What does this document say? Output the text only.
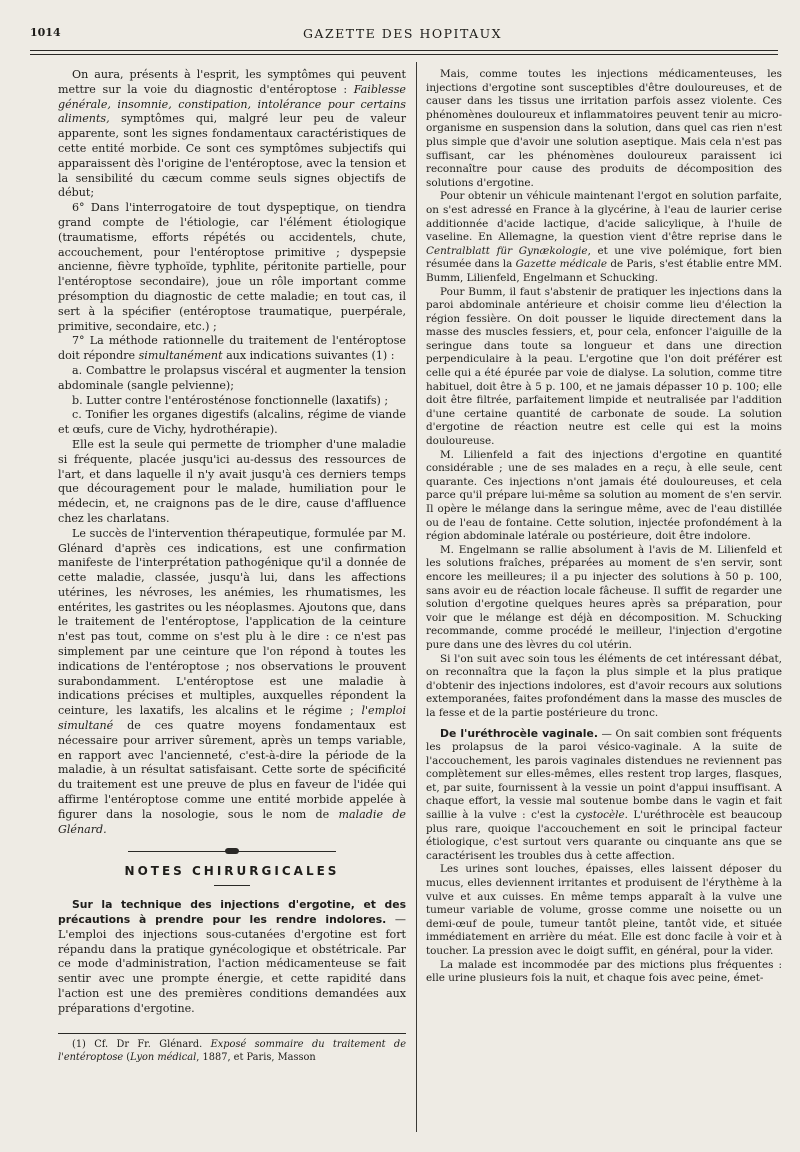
1014	GAZETTE DES HOPITAUX

On aura, présents à l'esprit, les symptômes qui peuvent mettre sur la voie du diagnostic d'entéroptose : Faiblesse générale, insomnie, constipation, intolérance pour certains aliments, symptômes qui, malgré leur peu de valeur apparente, sont les signes fondamentaux caractéristiques de cette entité morbide. Ce sont ces symptômes subjectifs qui apparaissent dès l'origine de l'entéroptose, avec la tension et la sensibilité du cæcum comme seuls signes objectifs de début;

6° Dans l'interrogatoire de tout dyspeptique, on tiendra grand compte de l'étiologie, car l'élément étiologique (traumatisme, efforts répétés ou accidentels, chute, accouchement, pour l'entéroptose primitive ; dyspepsie ancienne, fièvre typhoïde, typhlite, péritonite partielle, pour l'entéroptose secondaire), joue un rôle important comme présomption du diagnostic de cette maladie; en tout cas, il sert à la spécifier (entéroptose traumatique, puerpérale, primitive, secondaire, etc.) ;

7° La méthode rationnelle du traitement de l'entéroptose doit répondre simultanément aux indications suivantes (1) :

a. Combattre le prolapsus viscéral et augmenter la tension abdominale (sangle pelvienne);

b. Lutter contre l'entérosténose fonctionnelle (laxatifs) ;

c. Tonifier les organes digestifs (alcalins, régime de viande et œufs, cure de Vichy, hydrothérapie).

Elle est la seule qui permette de triompher d'une maladie si fréquente, placée jusqu'ici au-dessus des ressources de l'art, et dans laquelle il n'y avait jusqu'à ces derniers temps que découragement pour le malade, humiliation pour le médecin, et, ne craignons pas de le dire, cause d'affluence chez les charlatans.

Le succès de l'intervention thérapeutique, formulée par M. Glénard d'après ces indications, est une confirmation manifeste de l'interprétation pathogénique qu'il a donnée de cette maladie, classée, jusqu'à lui, dans les affections utérines, les névroses, les anémies, les rhumatismes, les entérites, les gastrites ou les néoplasmes. Ajoutons que, dans le traitement de l'entéroptose, l'application de la ceinture n'est pas tout, comme on s'est plu à le dire : ce n'est pas simplement par une ceinture que l'on répond à toutes les indications de l'entéroptose ; nos observations le prouvent surabondamment. L'entéroptose est une maladie à indications précises et multiples, auxquelles répondent la ceinture, les laxatifs, les alcalins et le régime ; l'emploi simultané de ces quatre moyens fondamentaux est nécessaire pour arriver sûrement, après un temps variable, en rapport avec l'ancienneté, c'est-à-dire la période de la maladie, à un résultat satisfaisant. Cette sorte de spécificité du traitement est une preuve de plus en faveur de l'idée qui affirme l'entéroptose comme une entité morbide appelée à figurer dans la nosologie, sous le nom de maladie de Glénard.

NOTES CHIRURGICALES

Sur la technique des injections d'ergotine, et des précautions à prendre pour les rendre indolores. — L'emploi des injections sous-cutanées d'ergotine est fort répandu dans la pratique gynécologique et obstétricale. Par ce mode d'administration, l'action médicamenteuse se fait sentir avec une prompte énergie, et cette rapidité dans l'action est une des premières conditions demandées aux préparations d'ergotine.

(1) Cf. Dr Fr. Glénard. Exposé sommaire du traitement de l'entéroptose (Lyon médical, 1887, et Paris, Masson

Mais, comme toutes les injections médicamenteuses, les injections d'ergotine sont susceptibles d'être douloureuses, et de causer dans les tissus une irritation parfois assez violente. Ces phénomènes douloureux et inflammatoires peuvent tenir au micro-organisme en suspension dans la solution, dans quel cas rien n'est plus simple que d'avoir une solution aseptique. Mais cela n'est pas suffisant, car les phénomènes douloureux paraissent ici reconnaître pour cause des produits de décomposition des solutions d'ergotine.

Pour obtenir un véhicule maintenant l'ergot en solution parfaite, on s'est adressé en France à la glycérine, à l'eau de laurier cerise additionnée d'acide lactique, d'acide salicylique, à l'huile de vaseline. En Allemagne, la question vient d'être reprise dans le Centralblatt für Gynækologie, et une vive polémique, fort bien résumée dans la Gazette médicale de Paris, s'est établie entre MM. Bumm, Lilienfeld, Engelmann et Schucking.

Pour Bumm, il faut s'abstenir de pratiquer les injections dans la paroi abdominale antérieure et choisir comme lieu d'élection la région fessière. On doit pousser le liquide directement dans la masse des muscles fessiers, et, pour cela, enfoncer l'aiguille de la seringue dans toute sa longueur et dans une direction perpendiculaire à la peau. L'ergotine que l'on doit préférer est celle qui a été épurée par voie de dialyse. La solution, comme titre habituel, doit être à 5 p. 100, et ne jamais dépasser 10 p. 100; elle doit être filtrée, parfaitement limpide et neutralisée par l'addition d'une certaine quantité de carbonate de soude. La solution d'ergotine de réaction neutre est celle qui est la moins douloureuse.

M. Lilienfeld a fait des injections d'ergotine en quantité considérable ; une de ses malades en a reçu, à elle seule, cent quarante. Ces injections n'ont jamais été douloureuses, et cela parce qu'il prépare lui-même sa solution au moment de s'en servir. Il opère le mélange dans la seringue même, avec de l'eau distillée ou de l'eau de fontaine. Cette solution, injectée profondément à la région abdominale latérale ou postérieure, doit être indolore.

M. Engelmann se rallie absolument à l'avis de M. Lilienfeld et les solutions fraîches, préparées au moment de s'en servir, sont encore les meilleures; il a pu injecter des solutions à 50 p. 100, sans avoir eu de réaction locale fâcheuse. Il suffit de regarder une solution d'ergotine quelques heures après sa préparation, pour voir que le mélange est déjà en décomposition. M. Schucking recommande, comme procédé le meilleur, l'injection d'ergotine pure dans une des lèvres du col utérin.

Si l'on suit avec soin tous les éléments de cet intéressant débat, on reconnaîtra que la façon la plus simple et la plus pratique d'obtenir des injections indolores, est d'avoir recours aux solutions extemporanées, faites profondément dans la masse des muscles de la fesse et de la partie postérieure du tronc.

De l'uréthrocèle vaginale. — On sait combien sont fréquents les prolapsus de la paroi vésico-vaginale. A la suite de l'accouchement, les parois vaginales distendues ne reviennent pas complètement sur elles-mêmes, elles restent trop larges, flasques, et, par suite, fournissent à la vessie un point d'appui insuffisant. A chaque effort, la vessie mal soutenue bombe dans le vagin et fait saillie à la vulve : c'est la cystocèle. L'uréthrocèle est beaucoup plus rare, quoique l'accouchement en soit le principal facteur étiologique, c'est surtout vers quarante ou cinquante ans que se caractérisent les troubles dus à cette affection.

Les urines sont louches, épaisses, elles laissent déposer du mucus, elles deviennent irritantes et produisent de l'érythème à la vulve et aux cuisses. En même temps apparaît à la vulve une tumeur variable de volume, grosse comme une noisette ou un demi-œuf de poule, tumeur tantôt pleine, tantôt vide, et située immédiatement en arrière du méat. Elle est donc facile à voir et à toucher. La pression avec le doigt suffit, en général, pour la vider.

La malade est incommodée par des mictions plus fréquentes : elle urine plusieurs fois la nuit, et chaque fois avec peine, émet-
